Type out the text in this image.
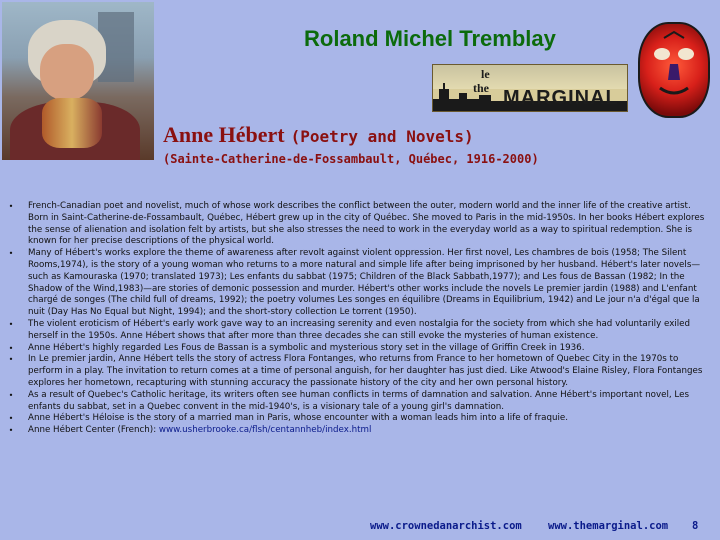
Roland Michel Tremblay
le
the MARGINAL
Anne Hébert (Poetry and Novels)
(Sainte-Catherine-de-Fossambault, Québec, 1916-2000)
•	French-Canadian poet and novelist, much of whose work describes the conflict between the outer, modern world and the inner life of the creative artist. Born in Saint-Catherine-de-Fossambault, Québec, Hébert grew up in the city of Québec. She moved to Paris in the mid-1950s. In her books Hébert explores the sense of alienation and isolation felt by artists, but she also stresses the need to work in the everyday world as a way to spiritual redemption. She is known for her precise descriptions of the physical world.
•	Many of Hébert's works explore the theme of awareness after revolt against violent oppression. Her first novel, Les chambres de bois (1958; The Silent Rooms,1974), is the story of a young woman who returns to a more natural and simple life after being imprisoned by her husband. Hébert's later novels—such as Kamouraska (1970; translated 1973); Les enfants du sabbat (1975; Children of the Black Sabbath,1977); and Les fous de Bassan (1982; In the Shadow of the Wind,1983)—are stories of demonic possession and murder. Hébert's other works include the novels Le premier jardin (1988) and L'enfant chargé de songes (The child full of dreams, 1992); the poetry volumes Les songes en équilibre (Dreams in Equilibrium, 1942) and Le jour n'a d'égal que la nuit (Day Has No Equal but Night, 1994); and the short-story collection Le torrent (1950).
•	The violent eroticism of Hébert's early work gave way to an increasing serenity and even nostalgia for the society from which she had voluntarily exiled herself in the 1950s. Anne Hébert shows that after more than three decades she can still evoke the mysteries of human existence.
•	Anne Hébert's highly regarded Les Fous de Bassan is a symbolic and mysterious story set in the village of Griffin Creek in 1936.
•	In Le premier jardin, Anne Hébert tells the story of actress Flora Fontanges, who returns from France to her hometown of Quebec City in the 1970s to perform in a play. The invitation to return comes at a time of personal anguish, for her daughter has just died. Like Atwood's Elaine Risley, Flora Fontanges explores her hometown, recapturing with stunning accuracy the passionate history of the city and her own personal history.
•	As a result of Quebec's Catholic heritage, its writers often see human conflicts in terms of damnation and salvation. Anne Hébert's important novel, Les enfants du sabbat, set in a Quebec convent in the mid-1940's, is a visionary tale of a young girl's damnation.
•	Anne Hébert's Héloise is the story of a married man in Paris, whose encounter with a woman leads him into a life of fraquie.
•	Anne Hébert Center (French): www.usherbrooke.ca/flsh/centannheb/index.html
www.crownedanarchist.com	www.themarginal.com 8
